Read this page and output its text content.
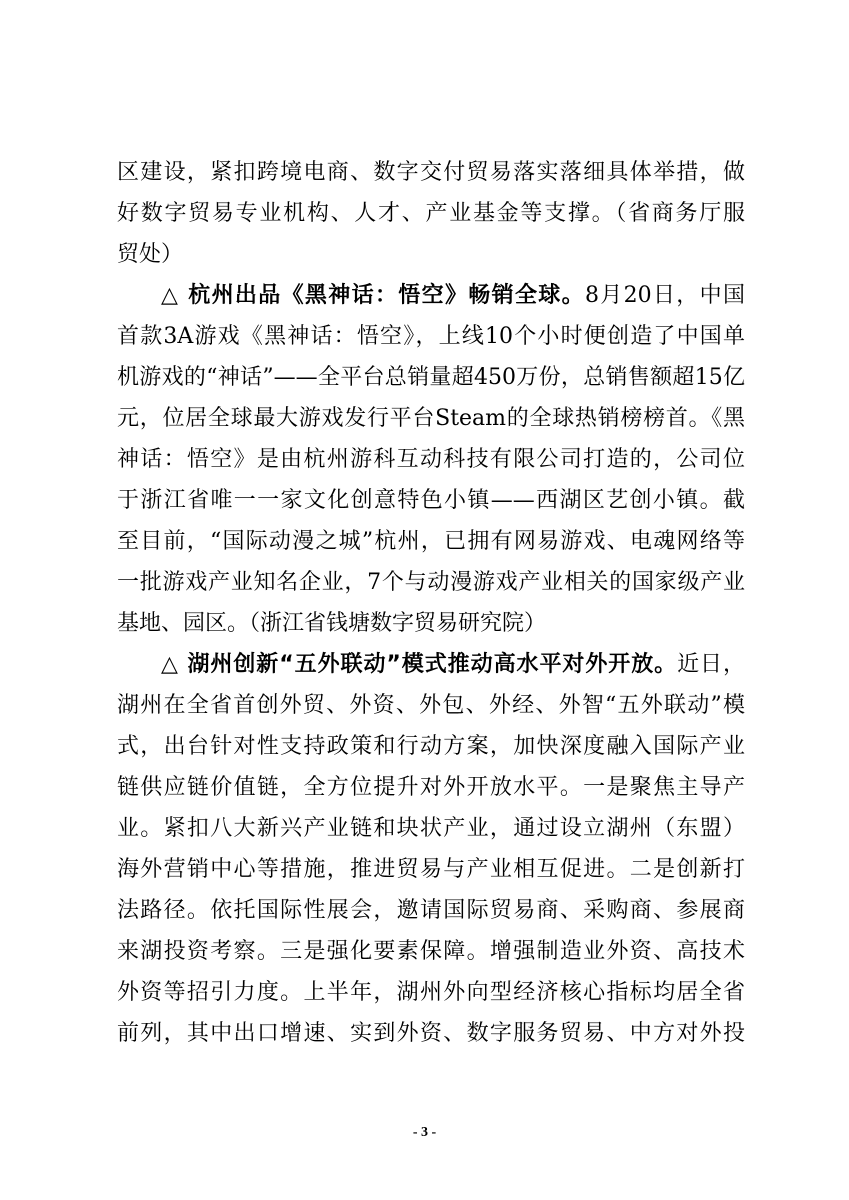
区建设，紧扣跨境电商、数字交付贸易落实落细具体举措，做
好数字贸易专业机构、人才、产业基金等支撑。（省商务厅服
贸处）
△ 杭州出品《黑神话：悟空》畅销全球。8月20日，中国
首款3A游戏《黑神话：悟空》，上线10个小时便创造了中国单
机游戏的“神话”——全平台总销量超450万份，总销售额超15亿
元，位居全球最大游戏发行平台Steam的全球热销榜榜首。《黑
神话：悟空》是由杭州游科互动科技有限公司打造的，公司位
于浙江省唯一一家文化创意特色小镇——西湖区艺创小镇。截
至目前，“国际动漫之城”杭州，已拥有网易游戏、电魂网络等
一批游戏产业知名企业，7个与动漫游戏产业相关的国家级产业
基地、园区。（浙江省钱塘数字贸易研究院）
△ 湖州创新“五外联动”模式推动高水平对外开放。近日，
湖州在全省首创外贸、外资、外包、外经、外智“五外联动”模
式，出台针对性支持政策和行动方案，加快深度融入国际产业
链供应链价值链，全方位提升对外开放水平。一是聚焦主导产
业。紧扣八大新兴产业链和块状产业，通过设立湖州（东盟）
海外营销中心等措施，推进贸易与产业相互促进。二是创新打
法路径。依托国际性展会，邀请国际贸易商、采购商、参展商
来湖投资考察。三是强化要素保障。增强制造业外资、高技术
外资等招引力度。上半年，湖州外向型经济核心指标均居全省
前列，其中出口增速、实到外资、数字服务贸易、中方对外投
- 3 -
